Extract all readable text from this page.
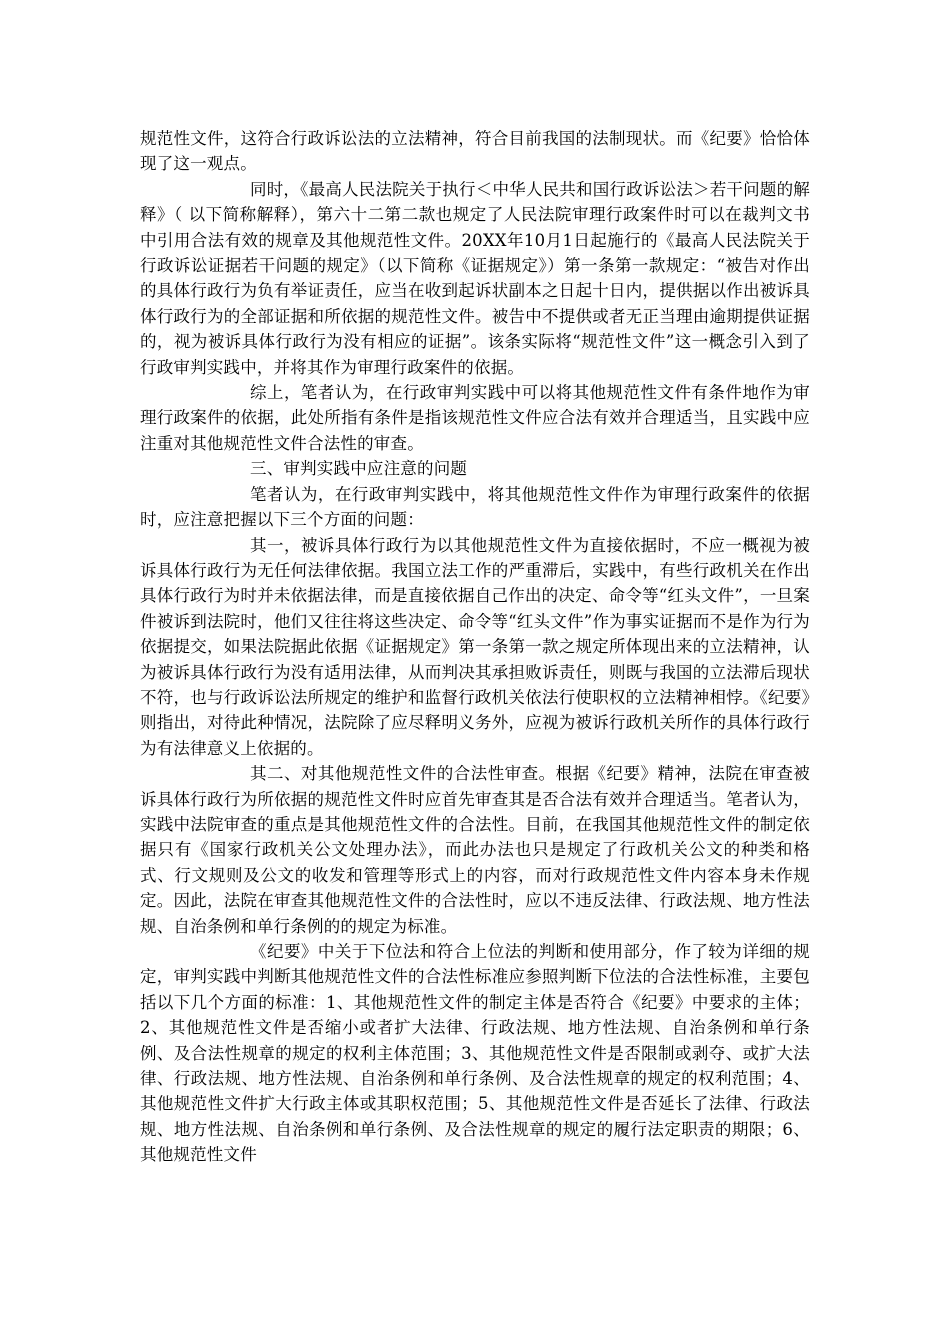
规范性文件，这符合行政诉讼法的立法精神，符合目前我国的法制现状。而《纪要》恰恰体现了这一观点。

同时，《最高人民法院关于执行＜中华人民共和国行政诉讼法＞若干问题的解释》（ 以下简称解释），第六十二第二款也规定了人民法院审理行政案件时可以在裁判文书中引用合法有效的规章及其他规范性文件。20XX年10月1日起施行的《最高人民法院关于行政诉讼证据若干问题的规定》（以下简称《证据规定》）第一条第一款规定：“被告对作出的具体行政行为负有举证责任，应当在收到起诉状副本之日起十日内，提供据以作出被诉具体行政行为的全部证据和所依据的规范性文件。被告中不提供或者无正当理由逾期提供证据的，视为被诉具体行政行为没有相应的证据”。该条实际将“规范性文件”这一概念引入到了行政审判实践中，并将其作为审理行政案件的依据。

综上，笔者认为，在行政审判实践中可以将其他规范性文件有条件地作为审理行政案件的依据，此处所指有条件是指该规范性文件应合法有效并合理适当，且实践中应注重对其他规范性文件合法性的审查。

三、审判实践中应注意的问题

笔者认为，在行政审判实践中，将其他规范性文件作为审理行政案件的依据时，应注意把握以下三个方面的问题：

其一，被诉具体行政行为以其他规范性文件为直接依据时，不应一概视为被诉具体行政行为无任何法律依据。我国立法工作的严重滞后，实践中，有些行政机关在作出具体行政行为时并未依据法律，而是直接依据自己作出的决定、命令等“红头文件”，一旦案件被诉到法院时，他们又往往将这些决定、命令等“红头文件”作为事实证据而不是作为行为依据提交，如果法院据此依据《证据规定》第一条第一款之规定所体现出来的立法精神，认为被诉具体行政行为没有适用法律，从而判决其承担败诉责任，则既与我国的立法滞后现状不符，也与行政诉讼法所规定的维护和监督行政机关依法行使职权的立法精神相悖。《纪要》则指出，对待此种情况，法院除了应尽释明义务外，应视为被诉行政机关所作的具体行政行为有法律意义上依据的。

其二、对其他规范性文件的合法性审查。根据《纪要》精神，法院在审查被诉具体行政行为所依据的规范性文件时应首先审查其是否合法有效并合理适当。笔者认为，实践中法院审查的重点是其他规范性文件的合法性。目前，在我国其他规范性文件的制定依据只有《国家行政机关公文处理办法》，而此办法也只是规定了行政机关公文的种类和格式、行文规则及公文的收发和管理等形式上的内容，而对行政规范性文件内容本身未作规定。因此，法院在审查其他规范性文件的合法性时，应以不违反法律、行政法规、地方性法规、自治条例和单行条例的的规定为标准。

《纪要》中关于下位法和符合上位法的判断和使用部分，作了较为详细的规定，审判实践中判断其他规范性文件的合法性标准应参照判断下位法的合法性标准，主要包括以下几个方面的标准：1、其他规范性文件的制定主体是否符合《纪要》中要求的主体；2、其他规范性文件是否缩小或者扩大法律、行政法规、地方性法规、自治条例和单行条例、及合法性规章的规定的权利主体范围；3、其他规范性文件是否限制或剥夺、或扩大法律、行政法规、地方性法规、自治条例和单行条例、及合法性规章的规定的权利范围；4、其他规范性文件扩大行政主体或其职权范围；5、其他规范性文件是否延长了法律、行政法规、地方性法规、自治条例和单行条例、及合法性规章的规定的履行法定职责的期限；6、其他规范性文件
